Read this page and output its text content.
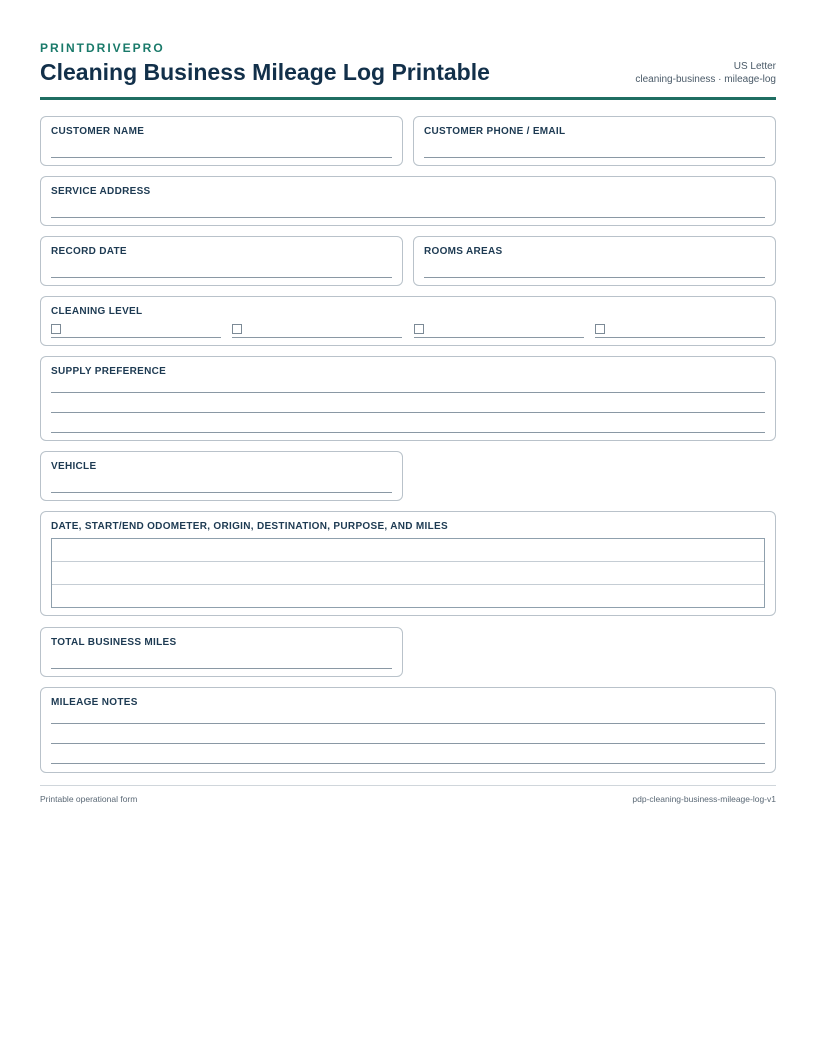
PRINTDRIVEPRO
Cleaning Business Mileage Log Printable	US Letter
cleaning-business · mileage-log
CUSTOMER NAME	CUSTOMER PHONE / EMAIL
SERVICE ADDRESS
RECORD DATE	ROOMS AREAS
CLEANING LEVEL
SUPPLY PREFERENCE
VEHICLE
DATE, START/END ODOMETER, ORIGIN, DESTINATION, PURPOSE, AND MILES
TOTAL BUSINESS MILES
MILEAGE NOTES
Printable operational form	pdp-cleaning-business-mileage-log-v1
